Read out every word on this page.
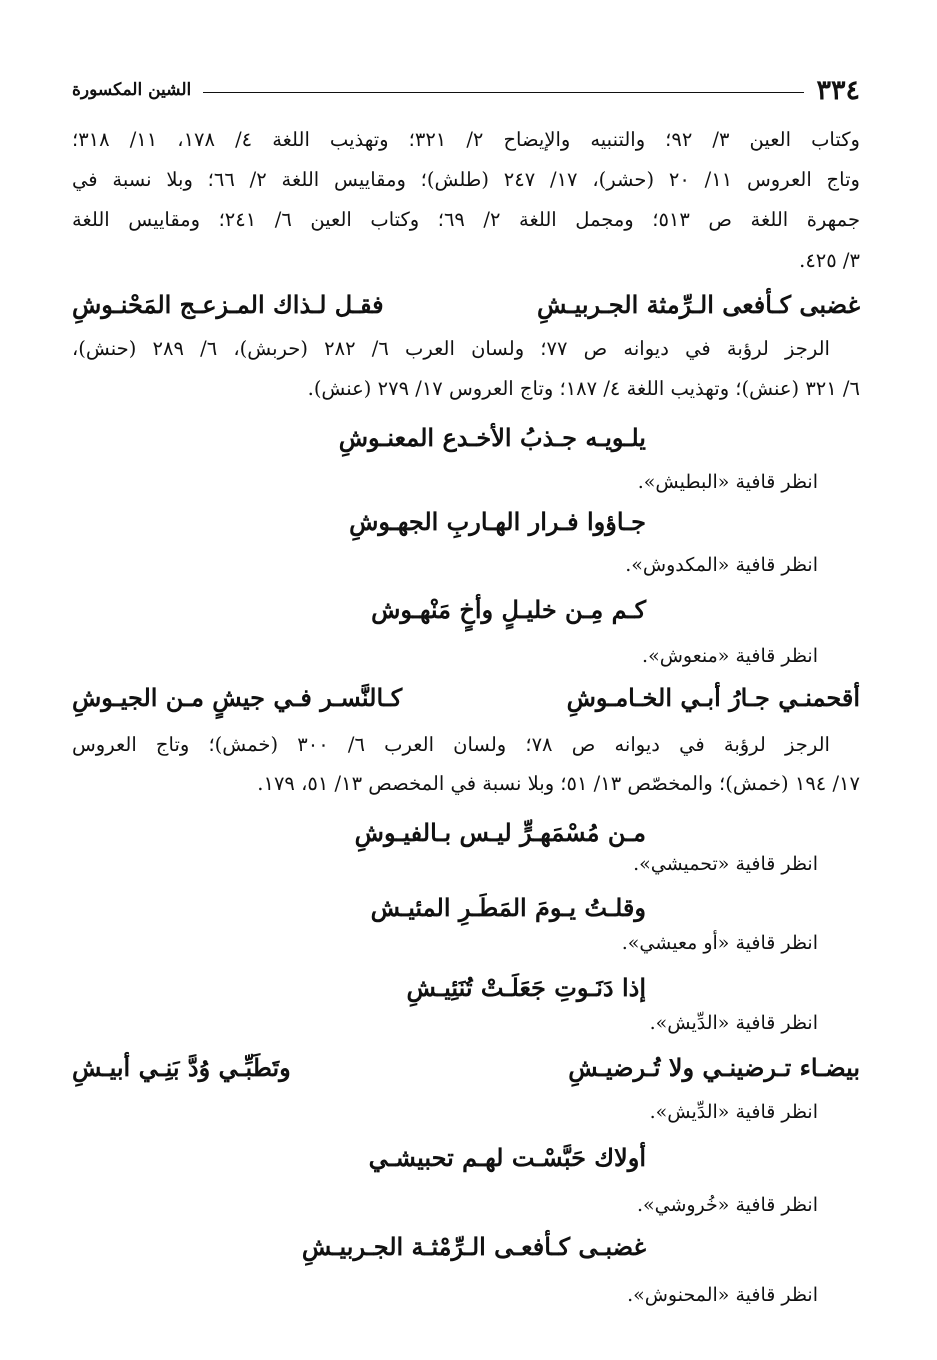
٣٣٤
الشين المكسورة
وكتاب العين ٣/ ٩٢؛ والتنبيه والإيضاح ٢/ ٣٢١؛ وتهذيب اللغة ٤/ ١٧٨، ١١/ ٣١٨؛
وتاج العروس ١١/ ٢٠ (حشر)، ١٧/ ٢٤٧ (طلش)؛ ومقاييس اللغة ٢/ ٦٦؛ وبلا نسبة في
جمهرة اللغة ص ٥١٣؛ ومجمل اللغة ٢/ ٦٩؛ وكتاب العين ٦/ ٢٤١؛ ومقاييس اللغة
٣/ ٤٢٥.
غضبى كـأفعى الـرِّمثة الجـربيـشِ
فقـل لـذاك المـزعـج المَحْنـوشِ
الرجز لرؤبة في ديوانه ص ٧٧؛ ولسان العرب ٦/ ٢٨٢ (حربش)، ٦/ ٢٨٩ (حنش)،
٦/ ٣٢١ (عنش)؛ وتهذيب اللغة ٤/ ١٨٧؛ وتاج العروس ١٧/ ٢٧٩ (عنش).
يلـويـه جـذبُ الأخـدع المعنـوشِ
انظر قافية «البطيش».
جـاؤوا فـرار الهـاربِ الجهـوشِ
انظر قافية «المكدوش».
كـم مِـن خليـلٍ وأخٍ مَنْهـوش
انظر قافية «منعوش».
أقحمنـي جـارُ أبـي الخـامـوشِ
كـالنَّسـر فـي جيشٍ مـن الجيـوشِ
الرجز لرؤبة في ديوانه ص ٧٨؛ ولسان العرب ٦/ ٣٠٠ (خمش)؛ وتاج العروس
١٧/ ١٩٤ (خمش)؛ والمخصّص ١٣/ ٥١؛ وبلا نسبة في المخصص ١٣/ ٥١، ١٧٩.
مـن مُسْمَهـرٍّ ليـس بـالفيـوشِ
انظر قافية «تحميشي».
وقلـتُ يـومَ المَطَـرِ المئيـش
انظر قافية «أو معيشي».
إذا دَنَـوتِ جَعَلَـتْ تُنَئِيـشِ
انظر قافية «الدِّيش».
بيضـاء تـرضينـي ولا تُـرضيـشِ
وتَطَبِّـي وُدَّ بَنِـي أبيـشِ
انظر قافية «الدِّيش».
أولاك حَبَّسْـت لهـم تحبيشـي
انظر قافية «خُروشي».
غضبـى كـأفعـى الـرِّمْثـة الجـربيـشِ
انظر قافية «المحنوش».
